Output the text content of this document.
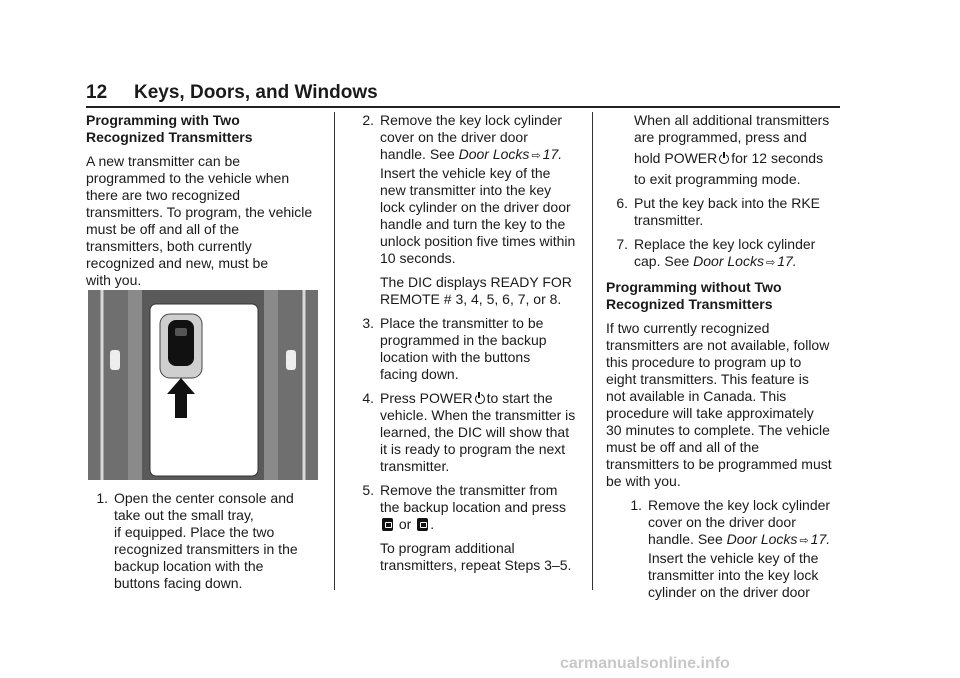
12 Keys, Doors, and Windows

Programming with Two

Recognized Transmitters

A new transmitter can be

programmed to the vehicle when

there are two recognized

transmitters. To program, the vehicle

must be off and all of the

transmitters, both currently

recognized and new, must be

with you.

1. Open the center console and

take out the small tray,

if equipped. Place the two

recognized transmitters in the

backup location with the

buttons facing down.

2. Remove the key lock cylinder

cover on the driver door

handle. See Door Locks ⇨ 17.

Insert the vehicle key of the

new transmitter into the key

lock cylinder on the driver door

handle and turn the key to the

unlock position five times within

10 seconds.

The DIC displays READY FOR

REMOTE # 3, 4, 5, 6, 7, or 8.

3. Place the transmitter to be

programmed in the backup

location with the buttons

facing down.

4. Press POWER to start the

vehicle. When the transmitter is

learned, the DIC will show that

it is ready to program the next

transmitter.

5. Remove the transmitter from

the backup location and press

or .

To program additional

transmitters, repeat Steps 3–5.

When all additional transmitters

are programmed, press and

hold POWER for 12 seconds

to exit programming mode.

6. Put the key back into the RKE

transmitter.

7. Replace the key lock cylinder

cap. See Door Locks ⇨ 17.

Programming without Two

Recognized Transmitters

If two currently recognized

transmitters are not available, follow

this procedure to program up to

eight transmitters. This feature is

not available in Canada. This

procedure will take approximately

30 minutes to complete. The vehicle

must be off and all of the

transmitters to be programmed must

be with you.

1. Remove the key lock cylinder

cover on the driver door

handle. See Door Locks ⇨ 17.

Insert the vehicle key of the

transmitter into the key lock

cylinder on the driver door

carmanualsonline.info
